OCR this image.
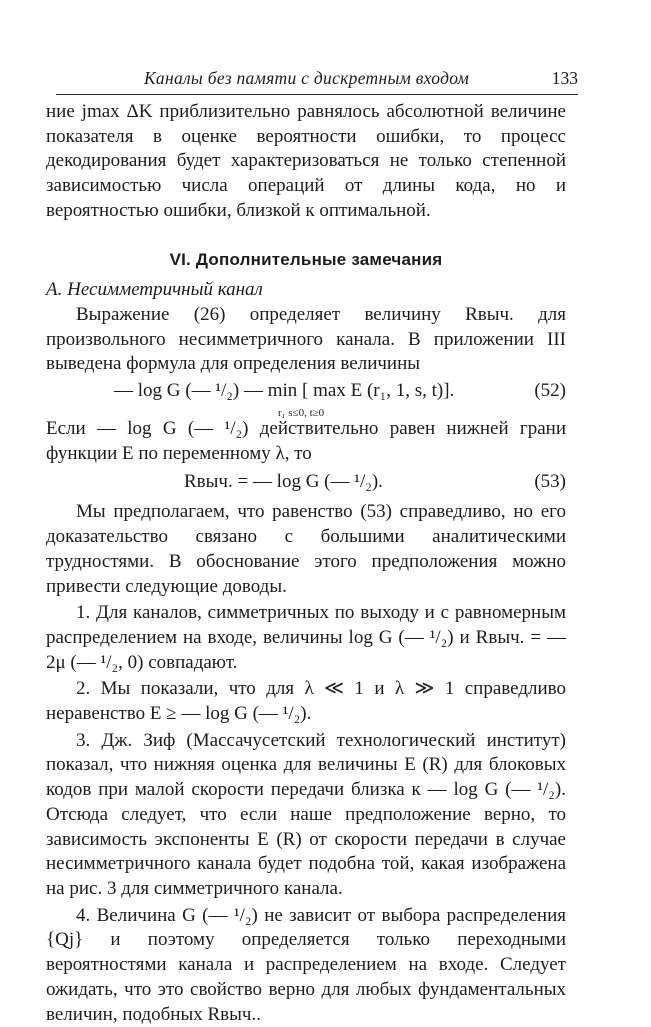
Каналы без памяти с дискретным входом	133

ние jmax ΔK приблизительно равнялось абсолютной величине показателя в оценке вероятности ошибки, то процесс декодирования будет характеризоваться не только степенной зависимостью числа операций от длины кода, но и вероятностью ошибки, близкой к оптимальной.

VI. Дополнительные замечания

А. Несимметричный канал

Выражение (26) определяет величину Rвыч. для произвольного несимметричного канала. В приложении III выведена формула для определения величины

— log G (— ¹/₂) — min [ max E (r₁, 1, s, t)].
r₁ s≤0, t≥0
(52)

Если — log G (— ¹/₂) действительно равен нижней грани функции E по переменному λ, то

Rвыч. = — log G (— ¹/₂).	(53)

Мы предполагаем, что равенство (53) справедливо, но его доказательство связано с большими аналитическими трудностями. В обоснование этого предположения можно привести следующие доводы.

1. Для каналов, симметричных по выходу и с равномерным распределением на входе, величины log G (— ¹/₂) и Rвыч. = — 2μ (— ¹/₂, 0) совпадают.

2. Мы показали, что для λ ≪ 1 и λ ≫ 1 справедливо неравенство E ≥ — log G (— ¹/₂).

3. Дж. Зиф (Массачусетский технологический институт) показал, что нижняя оценка для величины E (R) для блоковых кодов при малой скорости передачи близка к — log G (— ¹/₂). Отсюда следует, что если наше предположение верно, то зависимость экспоненты E (R) от скорости передачи в случае несимметричного канала будет подобна той, какая изображена на рис. 3 для симметричного канала.

4. Величина G (— ¹/₂) не зависит от выбора распределения {Qj} и поэтому определяется только переходными вероятностями канала и распределением на входе. Следует ожидать, что это свойство верно для любых фундаментальных величин, подобных Rвыч..
